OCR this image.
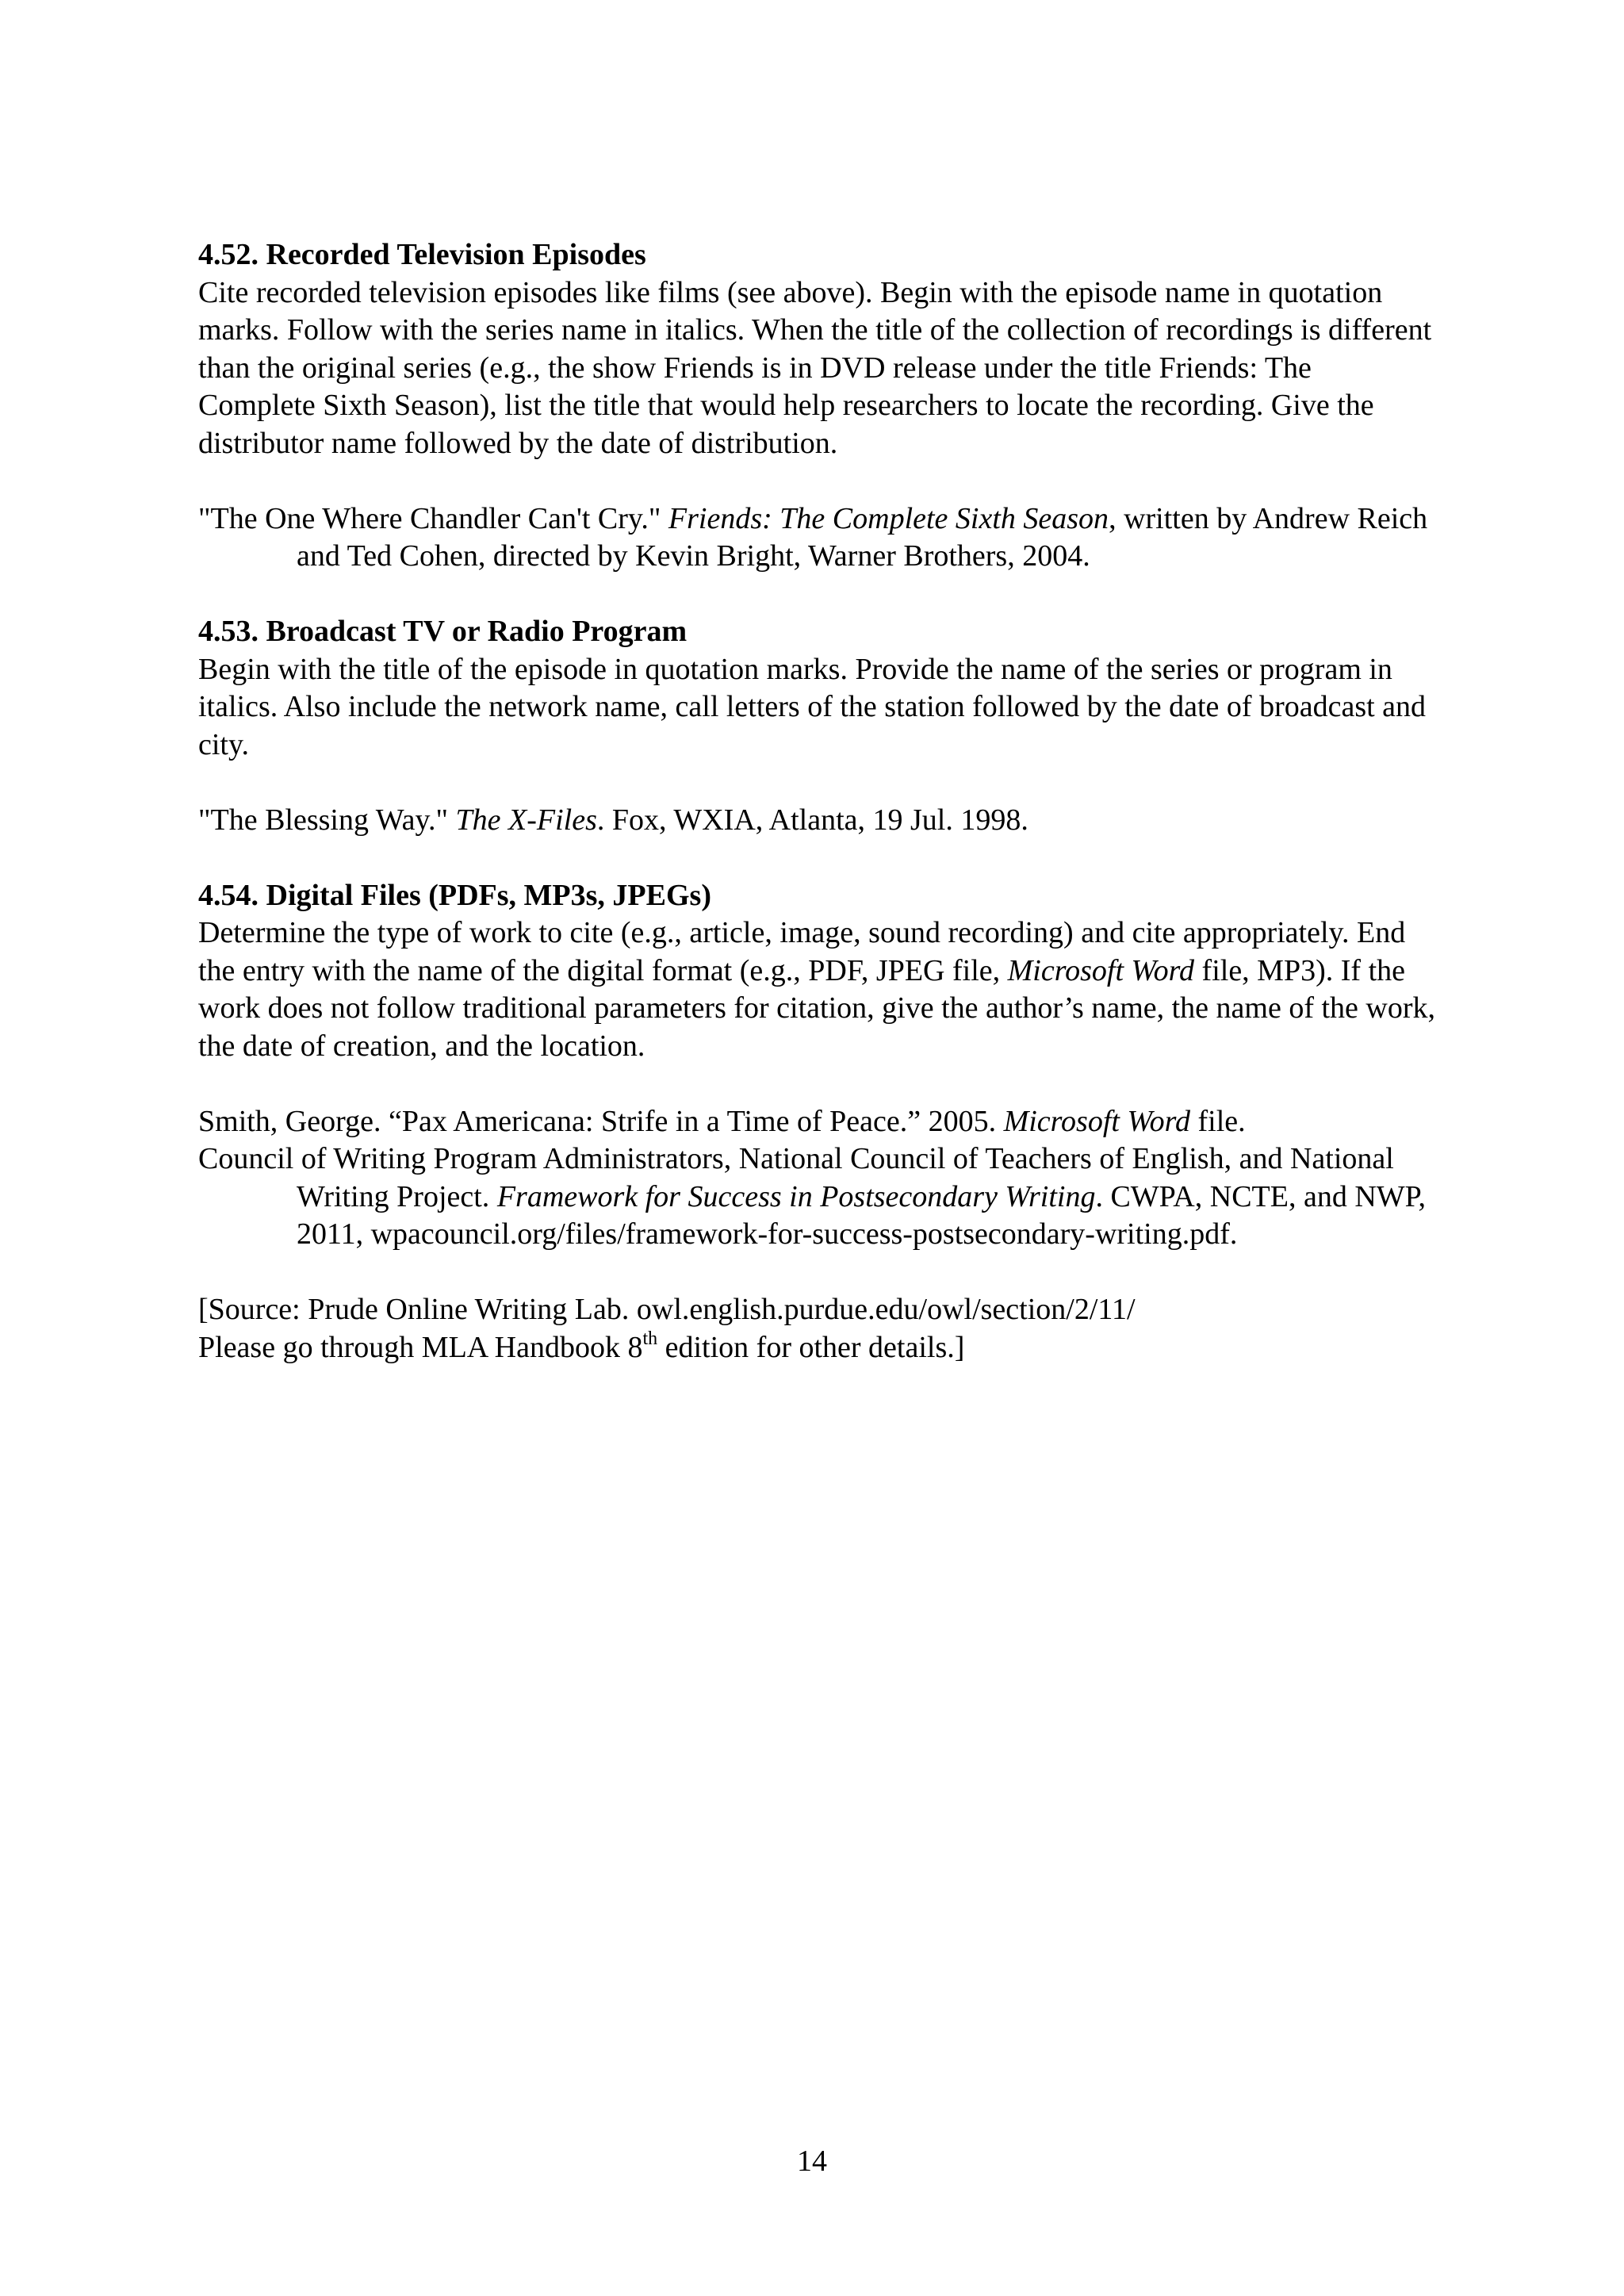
4.52. Recorded Television Episodes

Cite recorded television episodes like films (see above). Begin with the episode name in quotation marks. Follow with the series name in italics. When the title of the collection of recordings is different than the original series (e.g., the show Friends is in DVD release under the title Friends: The Complete Sixth Season), list the title that would help researchers to locate the recording. Give the distributor name followed by the date of distribution.

"The One Where Chandler Can't Cry." Friends: The Complete Sixth Season, written by Andrew Reich and Ted Cohen, directed by Kevin Bright, Warner Brothers, 2004.

4.53. Broadcast TV or Radio Program

Begin with the title of the episode in quotation marks. Provide the name of the series or program in italics. Also include the network name, call letters of the station followed by the date of broadcast and city.

"The Blessing Way." The X-Files. Fox, WXIA, Atlanta, 19 Jul. 1998.

4.54. Digital Files (PDFs, MP3s, JPEGs)

Determine the type of work to cite (e.g., article, image, sound recording) and cite appropriately. End the entry with the name of the digital format (e.g., PDF, JPEG file, Microsoft Word file, MP3). If the work does not follow traditional parameters for citation, give the author’s name, the name of the work, the date of creation, and the location.

Smith, George. “Pax Americana: Strife in a Time of Peace.” 2005. Microsoft Word file.

Council of Writing Program Administrators, National Council of Teachers of English, and National Writing Project. Framework for Success in Postsecondary Writing. CWPA, NCTE, and NWP, 2011, wpacouncil.org/files/framework-for-success-postsecondary-writing.pdf.

[Source: Prude Online Writing Lab. owl.english.purdue.edu/owl/section/2/11/
Please go through MLA Handbook 8th edition for other details.]
14
